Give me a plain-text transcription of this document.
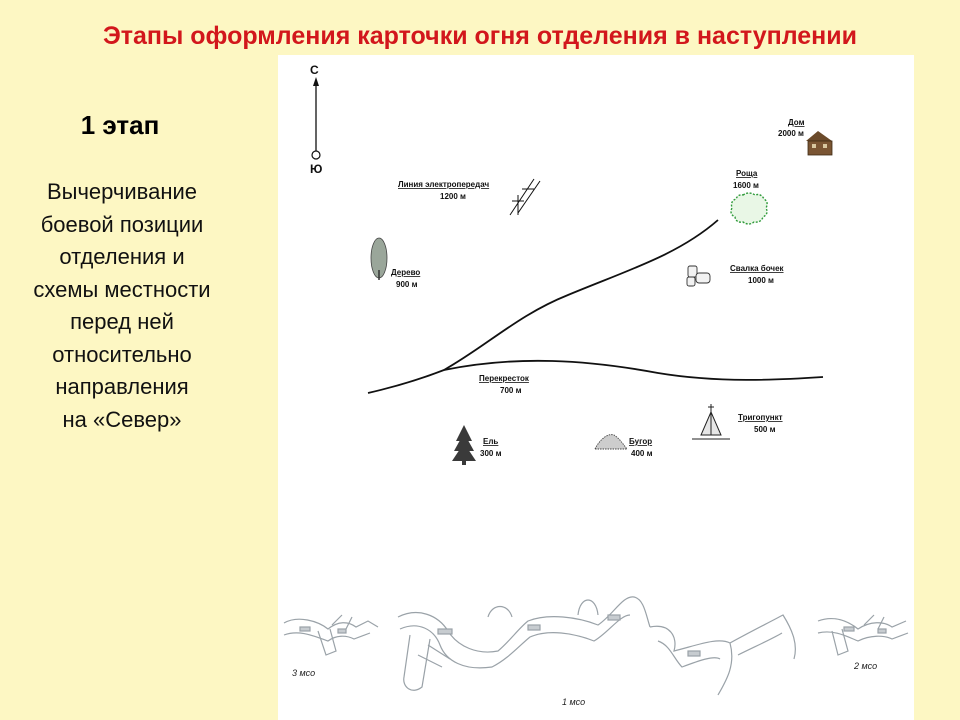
Этапы оформления карточки огня отделения в наступлении
1 этап

Вычерчивание
боевой позиции
отделения и
схемы местности
перед ней
относительно
направления
на «Север»

С
Ю
Дом
2000 м
Роща
1600 м
Линия электропередач
1200 м
Дерево
900 м
Свалка бочек
1000 м
Перекресток
700 м
Ель
300 м
Бугор
400 м
Тригопункт
500 м
3 мсо
1 мсо
2 мсо
